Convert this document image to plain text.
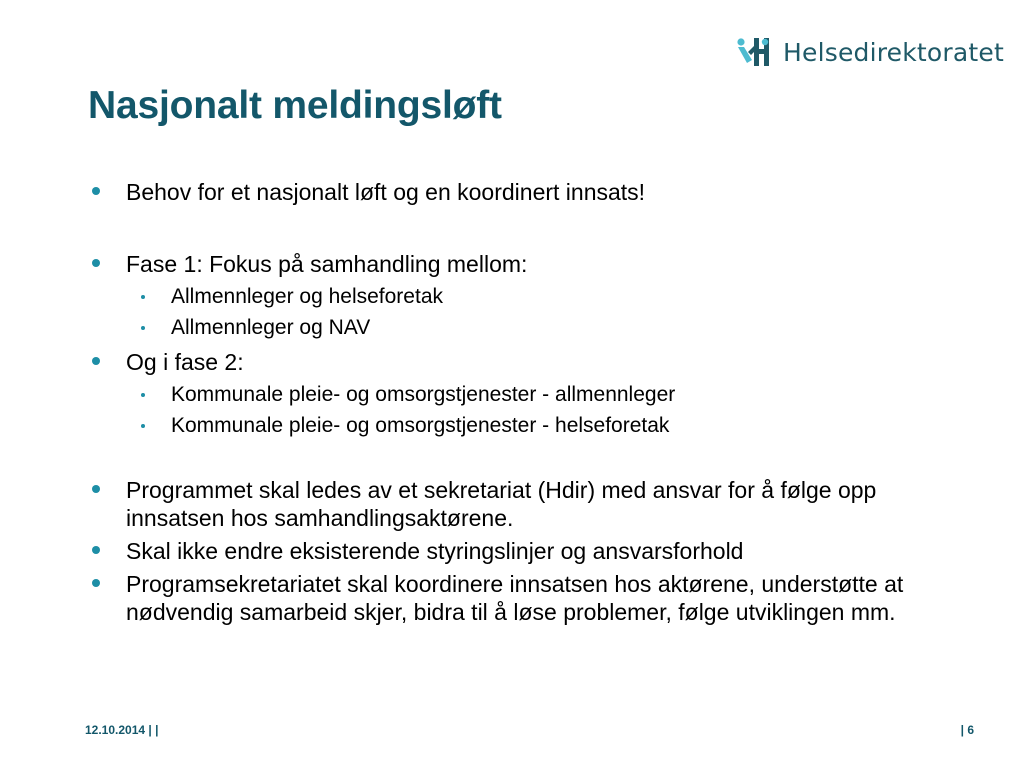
Helsedirektoratet
Nasjonalt meldingsløft
Behov for et nasjonalt løft og en koordinert innsats!
Fase 1: Fokus på samhandling mellom:
Allmennleger og helseforetak
Allmennleger og NAV
Og i fase 2:
Kommunale pleie- og omsorgstjenester - allmennleger
Kommunale pleie- og omsorgstjenester - helseforetak
Programmet skal ledes av et sekretariat (Hdir) med ansvar for å følge opp innsatsen hos samhandlingsaktørene.
Skal ikke endre eksisterende styringslinjer og ansvarsforhold
Programsekretariatet skal koordinere innsatsen hos aktørene, understøtte at nødvendig samarbeid skjer, bidra til å løse problemer, følge utviklingen mm.
12.10.2014 | |	| 6
